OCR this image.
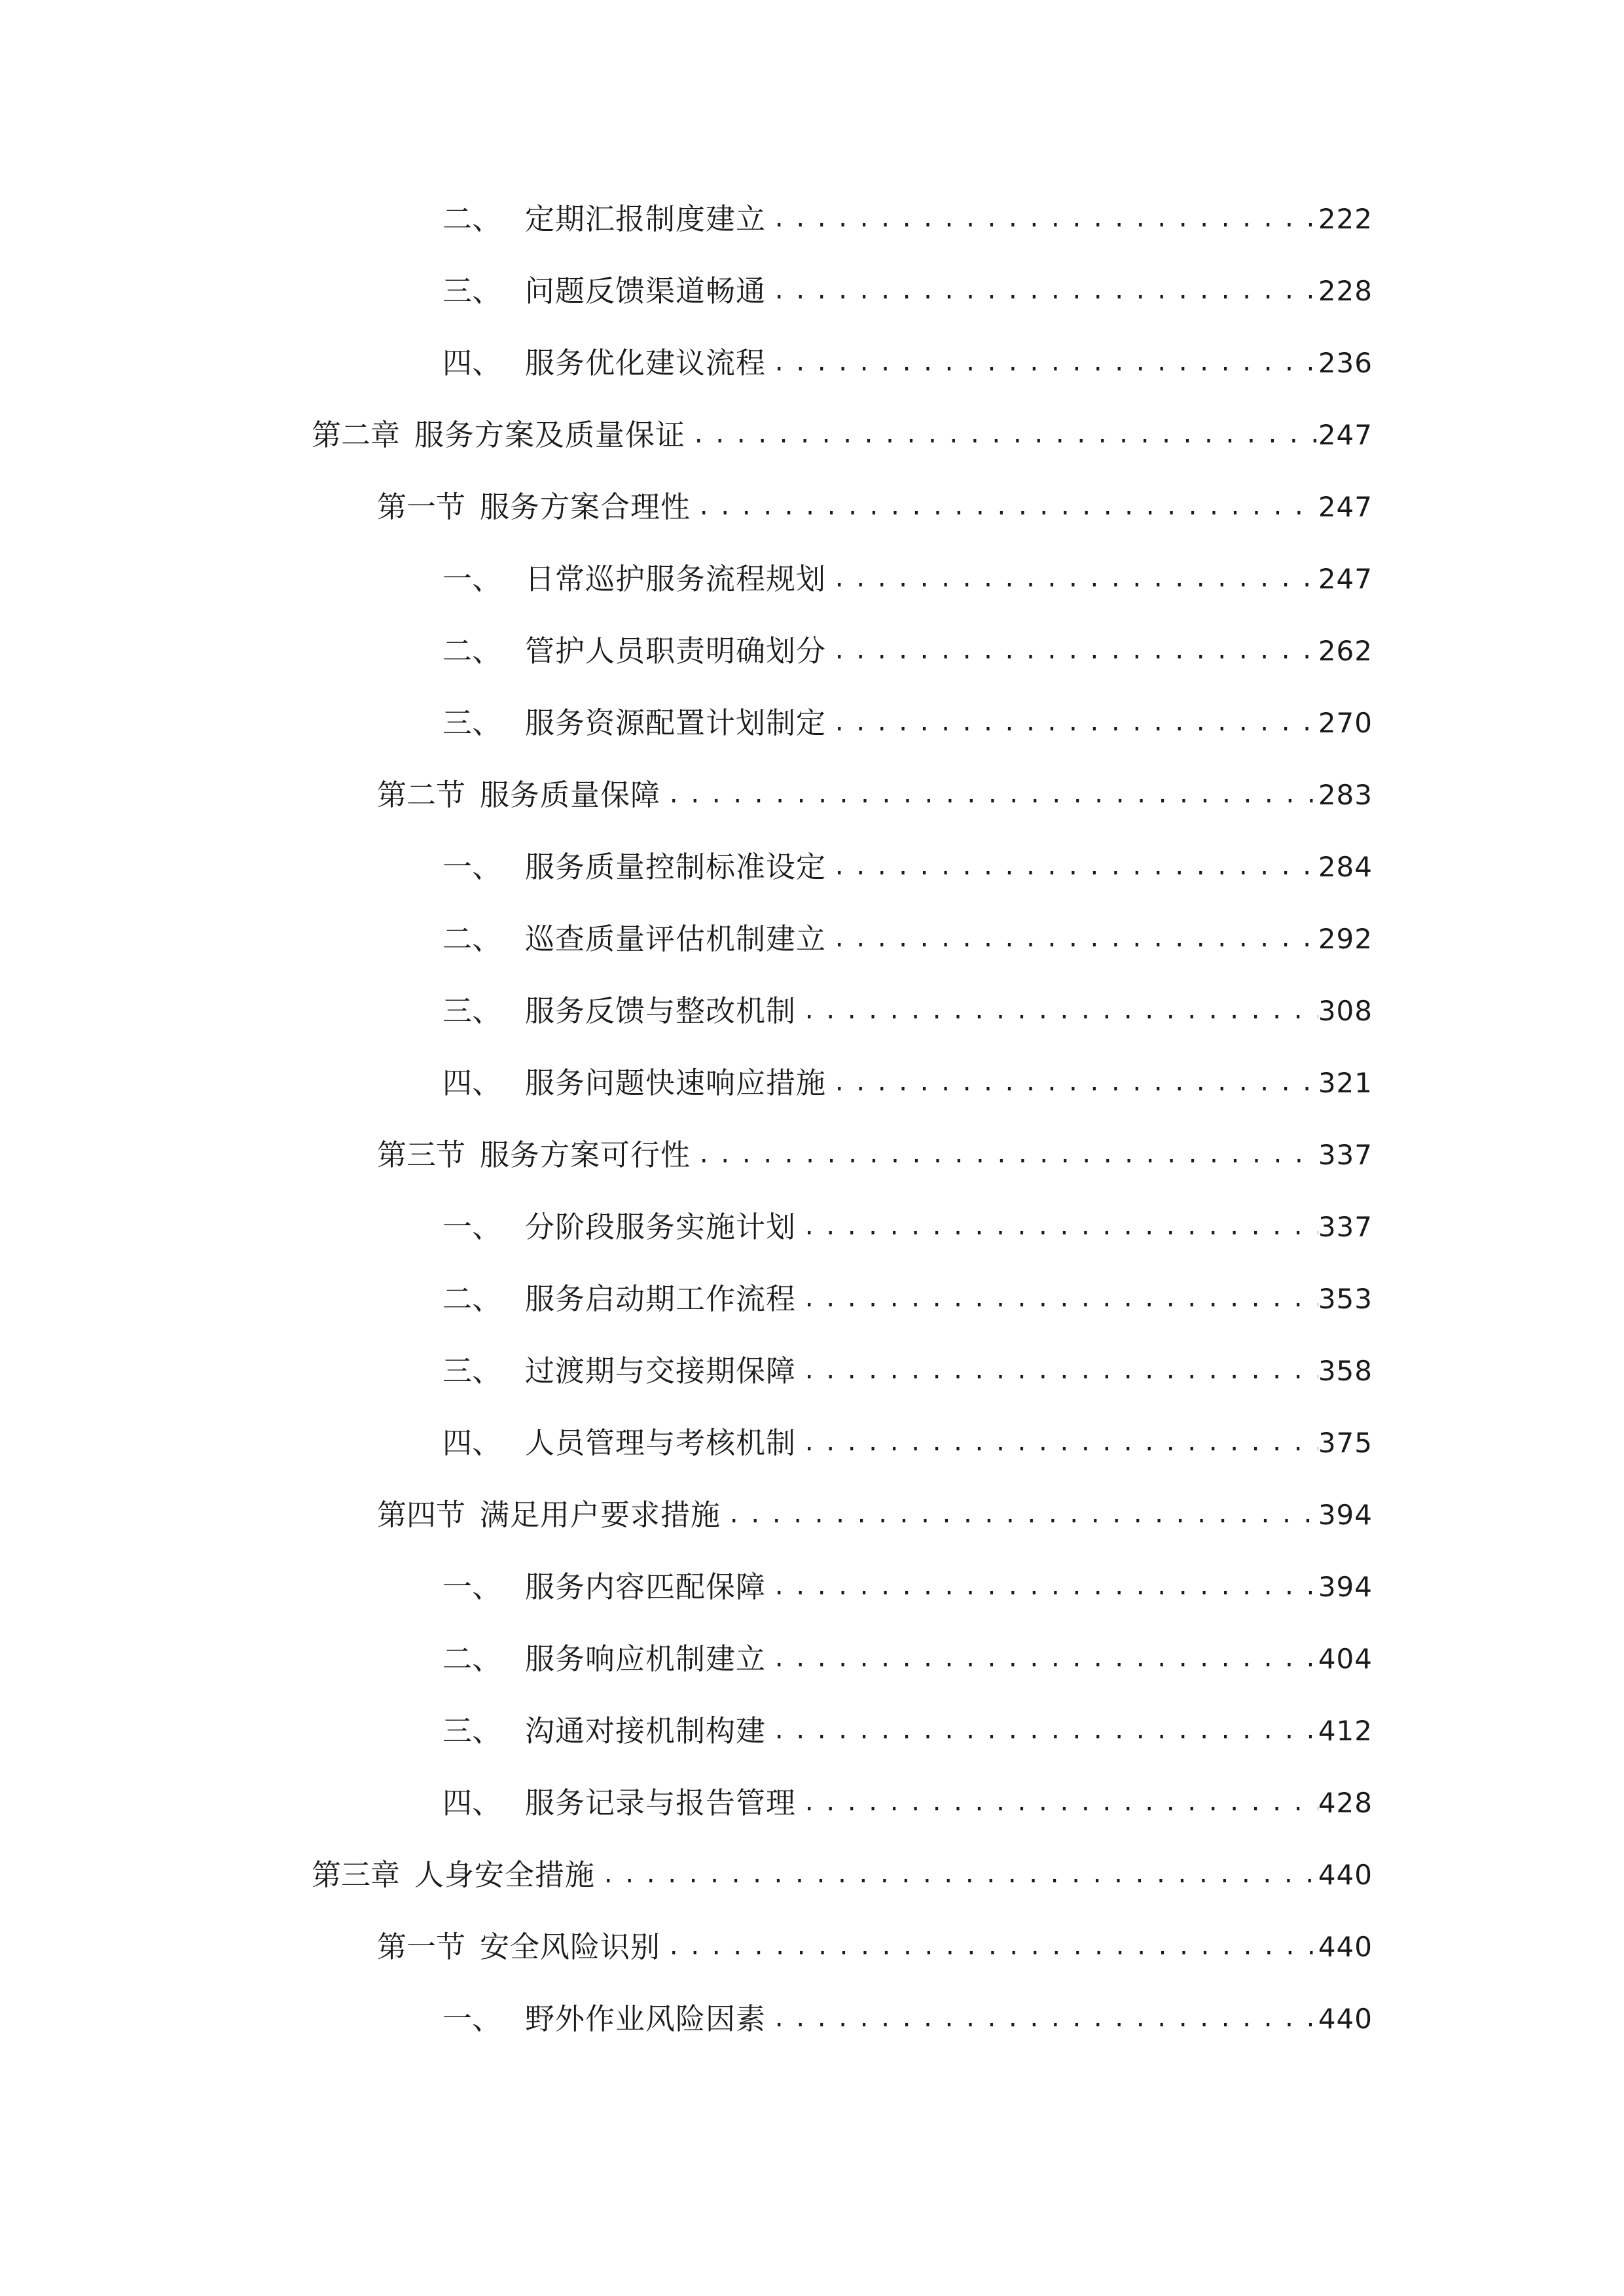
二、 定期汇报制度建立 .....	222
三、 问题反馈渠道畅通 .....	228
四、 服务优化建议流程 .....	236
第二章 服务方案及质量保证 .....	247
第一节 服务方案合理性 .....	247
一、 日常巡护服务流程规划 .....	247
二、 管护人员职责明确划分 .....	262
三、 服务资源配置计划制定 .....	270
第二节 服务质量保障 .....	283
一、 服务质量控制标准设定 .....	284
二、 巡查质量评估机制建立 .....	292
三、 服务反馈与整改机制 .....	308
四、 服务问题快速响应措施 .....	321
第三节 服务方案可行性 .....	337
一、 分阶段服务实施计划 .....	337
二、 服务启动期工作流程 .....	353
三、 过渡期与交接期保障 .....	358
四、 人员管理与考核机制 .....	375
第四节 满足用户要求措施 .....	394
一、 服务内容匹配保障 .....	394
二、 服务响应机制建立 .....	404
三、 沟通对接机制构建 .....	412
四、 服务记录与报告管理 .....	428
第三章 人身安全措施 .....	440
第一节 安全风险识别 .....	440
一、 野外作业风险因素 .....	440
